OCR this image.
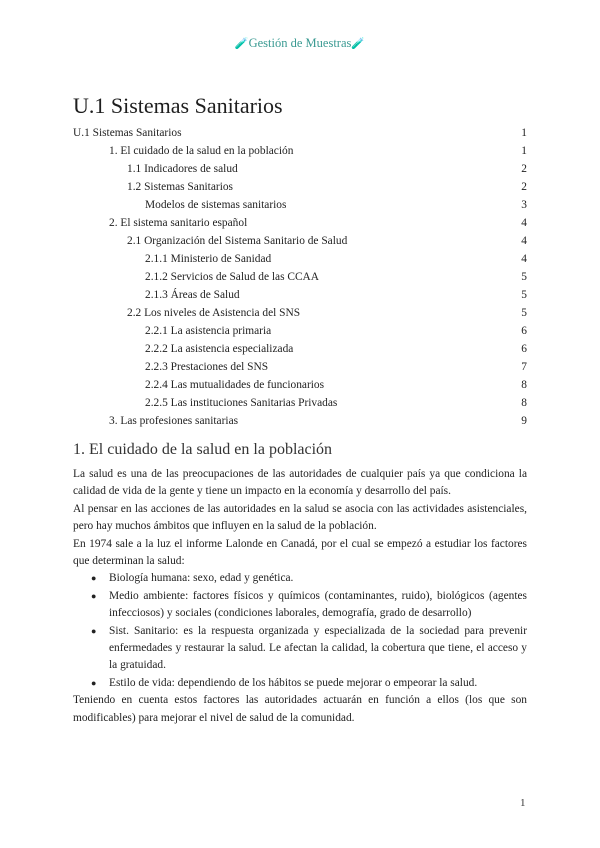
🧪Gestión de Muestras🧪
U.1 Sistemas Sanitarios
U.1 Sistemas Sanitarios	1
1. El cuidado de la salud en la población	1
1.1 Indicadores de salud	2
1.2 Sistemas Sanitarios	2
Modelos de sistemas sanitarios	3
2. El sistema sanitario español	4
2.1 Organización del Sistema Sanitario de Salud	4
2.1.1 Ministerio de Sanidad	4
2.1.2 Servicios de Salud de las CCAA	5
2.1.3 Áreas de Salud	5
2.2 Los niveles de Asistencia del SNS	5
2.2.1 La asistencia primaria	6
2.2.2 La asistencia especializada	6
2.2.3 Prestaciones del SNS	7
2.2.4 Las mutualidades de funcionarios	8
2.2.5 Las instituciones Sanitarias Privadas	8
3. Las profesiones sanitarias	9
1. El cuidado de la salud en la población

La salud es una de las preocupaciones de las autoridades de cualquier país ya que condiciona la calidad de vida de la gente y tiene un impacto en la economía y desarrollo del país.

Al pensar en las acciones de las autoridades en la salud se asocia con las actividades asistenciales, pero hay muchos ámbitos que influyen en la salud de la población.

En 1974 sale a la luz el informe Lalonde en Canadá, por el cual se empezó a estudiar los factores que determinan la salud:

● Biología humana: sexo, edad y genética.
● Medio ambiente: factores físicos y químicos (contaminantes, ruido), biológicos (agentes infecciosos) y sociales (condiciones laborales, demografía, grado de desarrollo)
● Sist. Sanitario: es la respuesta organizada y especializada de la sociedad para prevenir enfermedades y restaurar la salud. Le afectan la calidad, la cobertura que tiene, el acceso y la gratuidad.
● Estilo de vida: dependiendo de los hábitos se puede mejorar o empeorar la salud.

Teniendo en cuenta estos factores las autoridades actuarán en función a ellos (los que son modificables) para mejorar el nivel de salud de la comunidad.

1
